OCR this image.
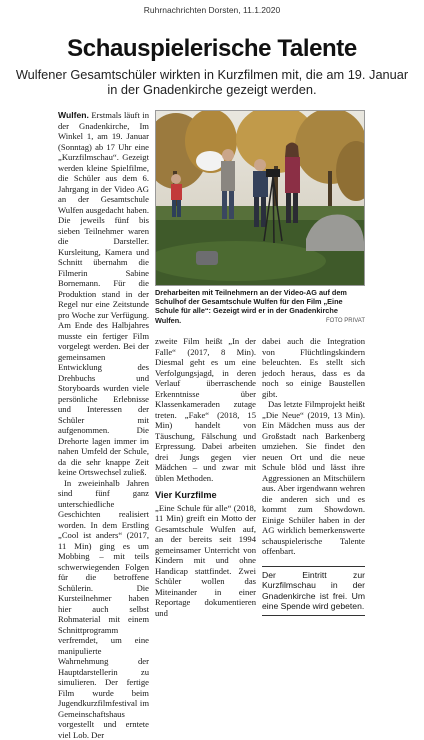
Ruhrnachrichten Dorsten, 11.1.2020
Schauspielerische Talente
Wulfener Gesamtschüler wirkten in Kurzfilmen mit, die am 19. Januar in der Gnadenkirche gezeigt werden.

Wulfen. Erstmals läuft in der Gnadenkirche, Im Winkel 1, am 19. Januar (Sonntag) ab 17 Uhr eine „Kurzfilmschau“. Gezeigt werden kleine Spielfilme, die Schüler aus dem 6. Jahrgang in der Video AG an der Gesamtschule Wulfen ausgedacht haben. Die jeweils fünf bis sieben Teilnehmer waren die Darsteller. Kursleitung, Kamera und Schnitt übernahm die Filmerin Sabine Bornemann. Für die Produktion stand in der Regel nur eine Zeitstunde pro Woche zur Verfügung. Am Ende des Halbjahres musste ein fertiger Film vorgelegt werden. Bei der gemeinsamen Entwicklung des Drehbuchs und Storyboards wurden viele persönliche Erlebnisse und Interessen der Schüler mit aufgenommen. Die Drehorte lagen immer im nahen Umfeld der Schule, da die sehr knappe Zeit keine Ortswechsel zuließ.

In zweieinhalb Jahren sind fünf ganz unterschiedliche Geschichten realisiert worden. In dem Erstling „Cool ist anders“ (2017, 11 Min) ging es um Mobbing – mit teils schwerwiegenden Folgen für die betroffene Schülerin. Die Kursteilnehmer haben hier auch selbst Rohmaterial mit einem Schnittprogramm verfremdet, um eine manipulierte Wahrnehmung der Hauptdarstellerin zu simulieren. Der fertige Film wurde beim Jugendkurzfilmfestival im Gemeinschaftshaus vorgestellt und erntete viel Lob. Der

Dreharbeiten mit Teilnehmern an der Video-AG auf dem Schulhof der Gesamtschule Wulfen für den Film „Eine Schule für alle“: Gezeigt wird er in der Gnadenkirche Wulfen.	FOTO PRIVAT

zweite Film heißt „In der Falle“ (2017, 8 Min). Diesmal geht es um eine Verfolgungsjagd, in deren Verlauf überraschende Erkenntnisse über Klassenkameraden zutage treten. „Fake“ (2018, 15 Min) handelt von Täuschung, Fälschung und Erpressung. Dabei arbeiten drei Jungs gegen vier Mädchen – und zwar mit üblen Methoden.

Vier Kurzfilme

„Eine Schule für alle“ (2018, 11 Min) greift ein Motto der Gesamtschule Wulfen auf, an der bereits seit 1994 gemeinsamer Unterricht von Kindern mit und ohne Handicap stattfindet. Zwei Schüler wollen das Miteinander in einer Reportage dokumentieren und

dabei auch die Integration von Flüchtlingskindern beleuchten. Es stellt sich jedoch heraus, dass es da noch so einige Baustellen gibt.

Das letzte Filmprojekt heißt „Die Neue“ (2019, 13 Min). Ein Mädchen muss aus der Großstadt nach Barkenberg umziehen. Sie findet den neuen Ort und die neue Schule blöd und lässt ihre Aggressionen an Mitschülern aus. Aber irgendwann wehren die anderen sich und es kommt zum Showdown. Einige Schüler haben in der AG wirklich bemerkenswerte schauspielerische Talente offenbart.

Der Eintritt zur Kurzfilmschau in der Gnadenkirche ist frei. Um eine Spende wird gebeten.
